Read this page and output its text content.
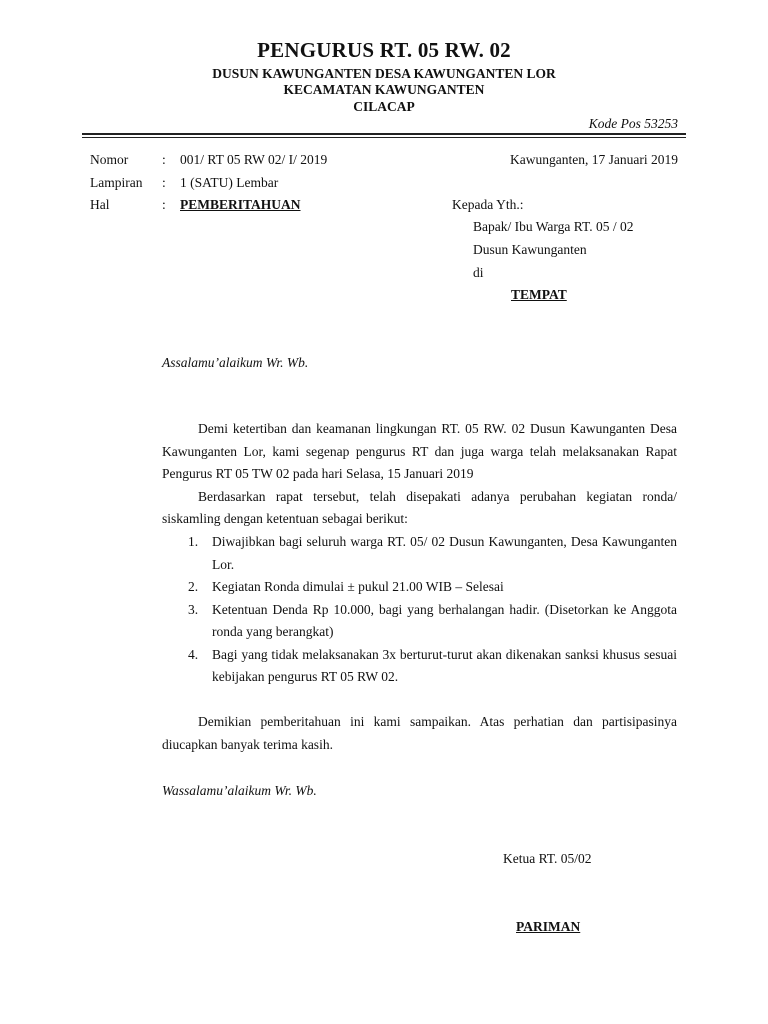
PENGURUS RT. 05 RW. 02
DUSUN KAWUNGANTEN DESA KAWUNGANTEN LOR
KECAMATAN KAWUNGANTEN
CILACAP
Kode Pos 53253
Nomor	: 001/ RT 05 RW 02/ I/ 2019	Kawunganten, 17 Januari 2019
Lampiran : 1 (SATU) Lembar
Hal	: PEMBERITAHUAN	Kepada Yth.:
Bapak/ Ibu Warga RT. 05 / 02
Dusun Kawunganten
di
TEMPAT
Assalamu’alaikum Wr. Wb.

Demi ketertiban dan keamanan lingkungan RT. 05 RW. 02 Dusun Kawunganten Desa Kawunganten Lor, kami segenap pengurus RT dan juga warga telah melaksanakan Rapat Pengurus RT 05 TW 02 pada hari Selasa, 15 Januari 2019

Berdasarkan rapat tersebut, telah disepakati adanya perubahan kegiatan ronda/ siskamling dengan ketentuan sebagai berikut:

1. Diwajibkan bagi seluruh warga RT. 05/ 02 Dusun Kawunganten, Desa Kawunganten Lor.
2. Kegiatan Ronda dimulai ± pukul 21.00 WIB – Selesai
3. Ketentuan Denda Rp 10.000, bagi yang berhalangan hadir. (Disetorkan ke Anggota ronda yang berangkat)
4. Bagi yang tidak melaksanakan 3x berturut-turut akan dikenakan sanksi khusus sesuai kebijakan pengurus RT 05 RW 02.

Demikian pemberitahuan ini kami sampaikan. Atas perhatian dan partisipasinya diucapkan banyak terima kasih.

Wassalamu’alaikum Wr. Wb.
Ketua RT. 05/02
PARIMAN
